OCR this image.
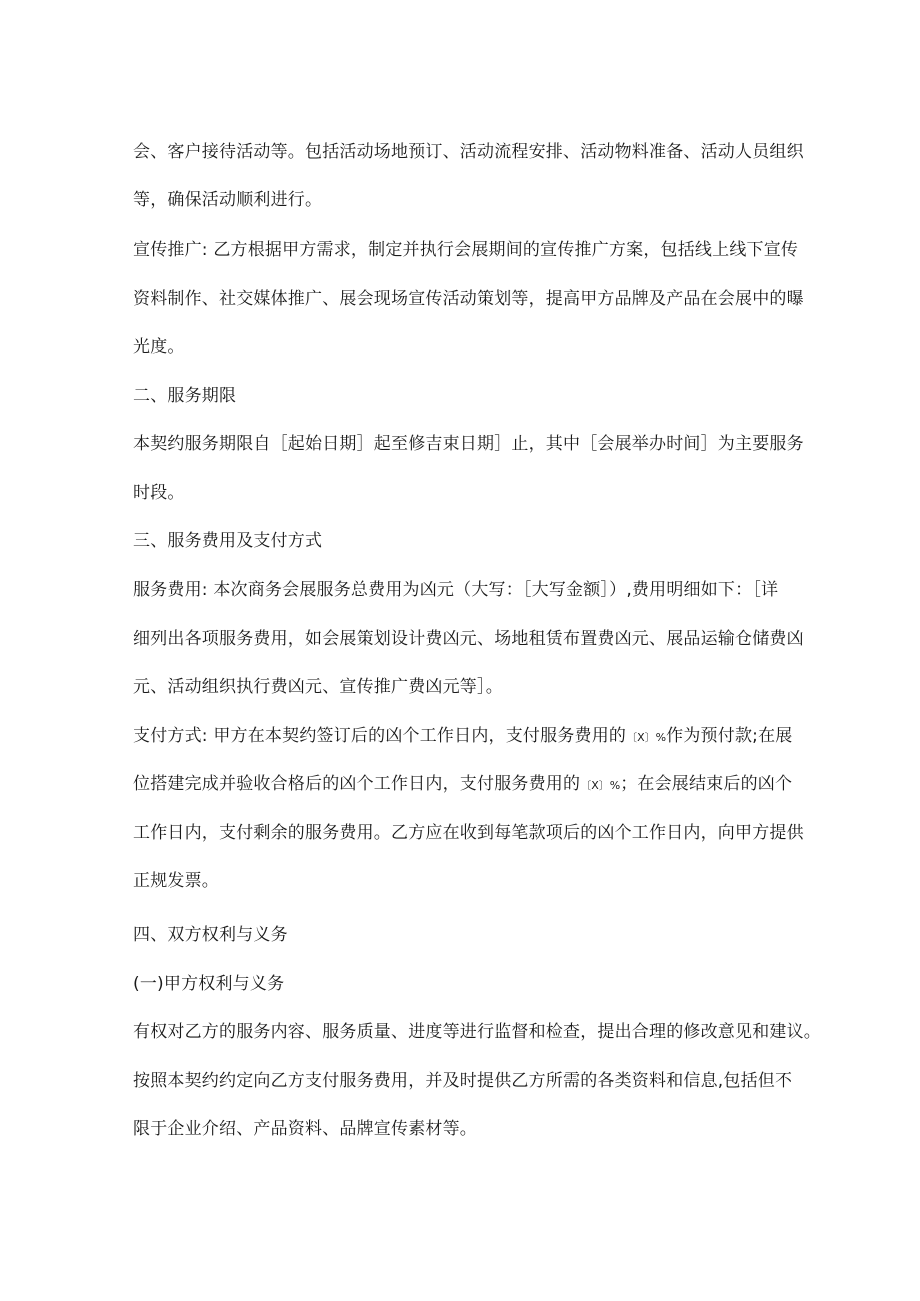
会、客户接待活动等。包括活动场地预订、活动流程安排、活动物料准备、活动人员组织
等，确保活动顺利进行。
宣传推广: 乙方根据甲方需求，制定并执行会展期间的宣传推广方案，包括线上线下宣传
资料制作、社交媒体推广、展会现场宣传活动策划等，提高甲方品牌及产品在会展中的曝
光度。
二、服务期限
本契约服务期限自［起始日期］起至修吉束日期］止，其中［会展举办时间］为主要服务
时段。
三、服务费用及支付方式
服务费用: 本次商务会展服务总费用为凶元（大写：［大写金额］）,费用明细如下：［详
细列出各项服务费用，如会展策划设计费凶元、场地租赁布置费凶元、展品运输仓储费凶
元、活动组织执行费凶元、宣传推广费凶元等］。
支付方式: 甲方在本契约签订后的凶个工作日内，支付服务费用的〔X〕%作为预付款;在展
位搭建完成并验收合格后的凶个工作日内，支付服务费用的〔X〕%；在会展结束后的凶个
工作日内，支付剩余的服务费用。乙方应在收到每笔款项后的凶个工作日内，向甲方提供
正规发票。
四、双方权利与义务
(一)甲方权利与义务
有权对乙方的服务内容、服务质量、进度等进行监督和检查，提出合理的修改意见和建议。
按照本契约约定向乙方支付服务费用，并及时提供乙方所需的各类资料和信息,包括但不
限于企业介绍、产品资料、品牌宣传素材等。
